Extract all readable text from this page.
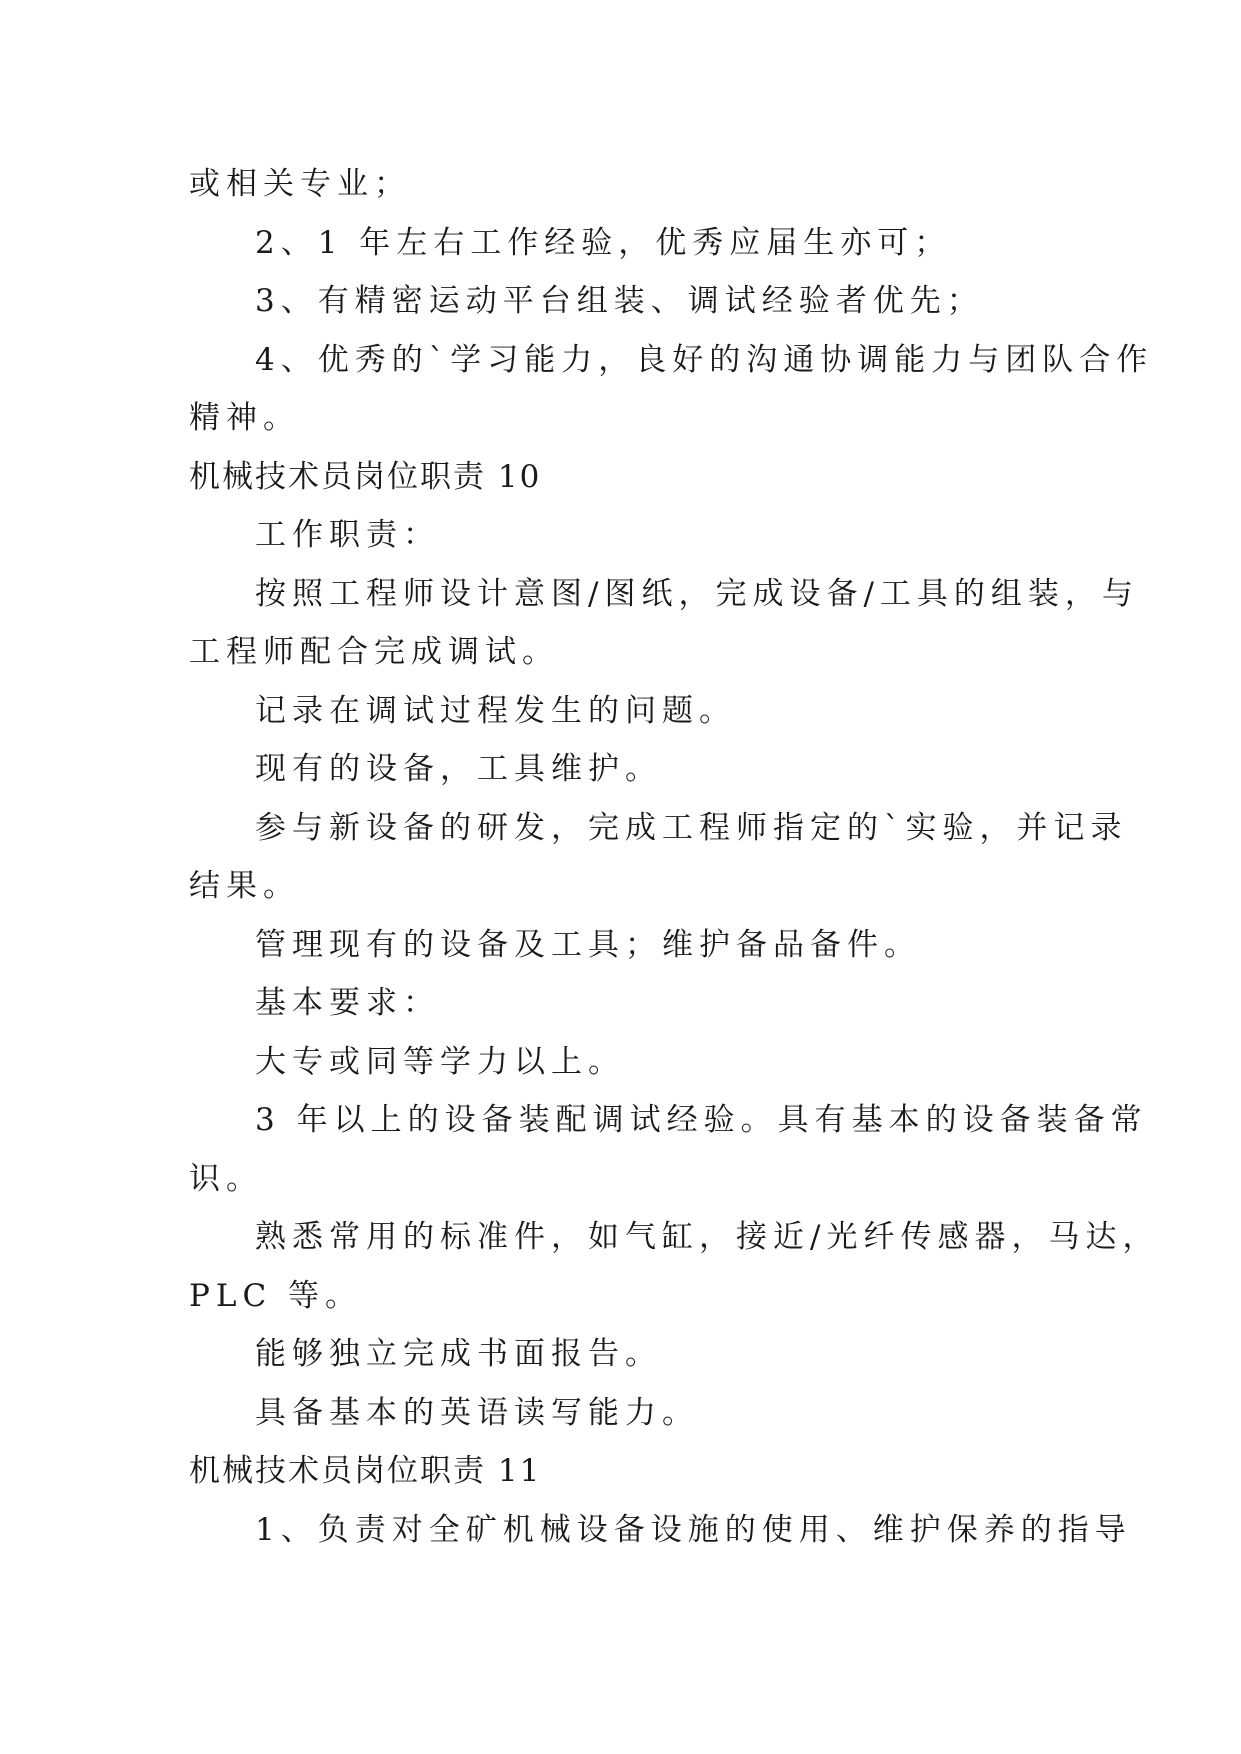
或相关专业；

2、1 年左右工作经验，优秀应届生亦可；

3、有精密运动平台组装、调试经验者优先；

4、优秀的`学习能力，良好的沟通协调能力与团队合作

精神。

机械技术员岗位职责 10

工作职责：

按照工程师设计意图/图纸，完成设备/工具的组装，与

工程师配合完成调试。

记录在调试过程发生的问题。

现有的设备，工具维护。

参与新设备的研发，完成工程师指定的`实验，并记录

结果。

管理现有的设备及工具；维护备品备件。

基本要求：

大专或同等学力以上。

3 年以上的设备装配调试经验。具有基本的设备装备常

识。

熟悉常用的标准件，如气缸，接近/光纤传感器，马达，

PLC 等。

能够独立完成书面报告。

具备基本的英语读写能力。

机械技术员岗位职责 11

1、负责对全矿机械设备设施的使用、维护保养的指导
